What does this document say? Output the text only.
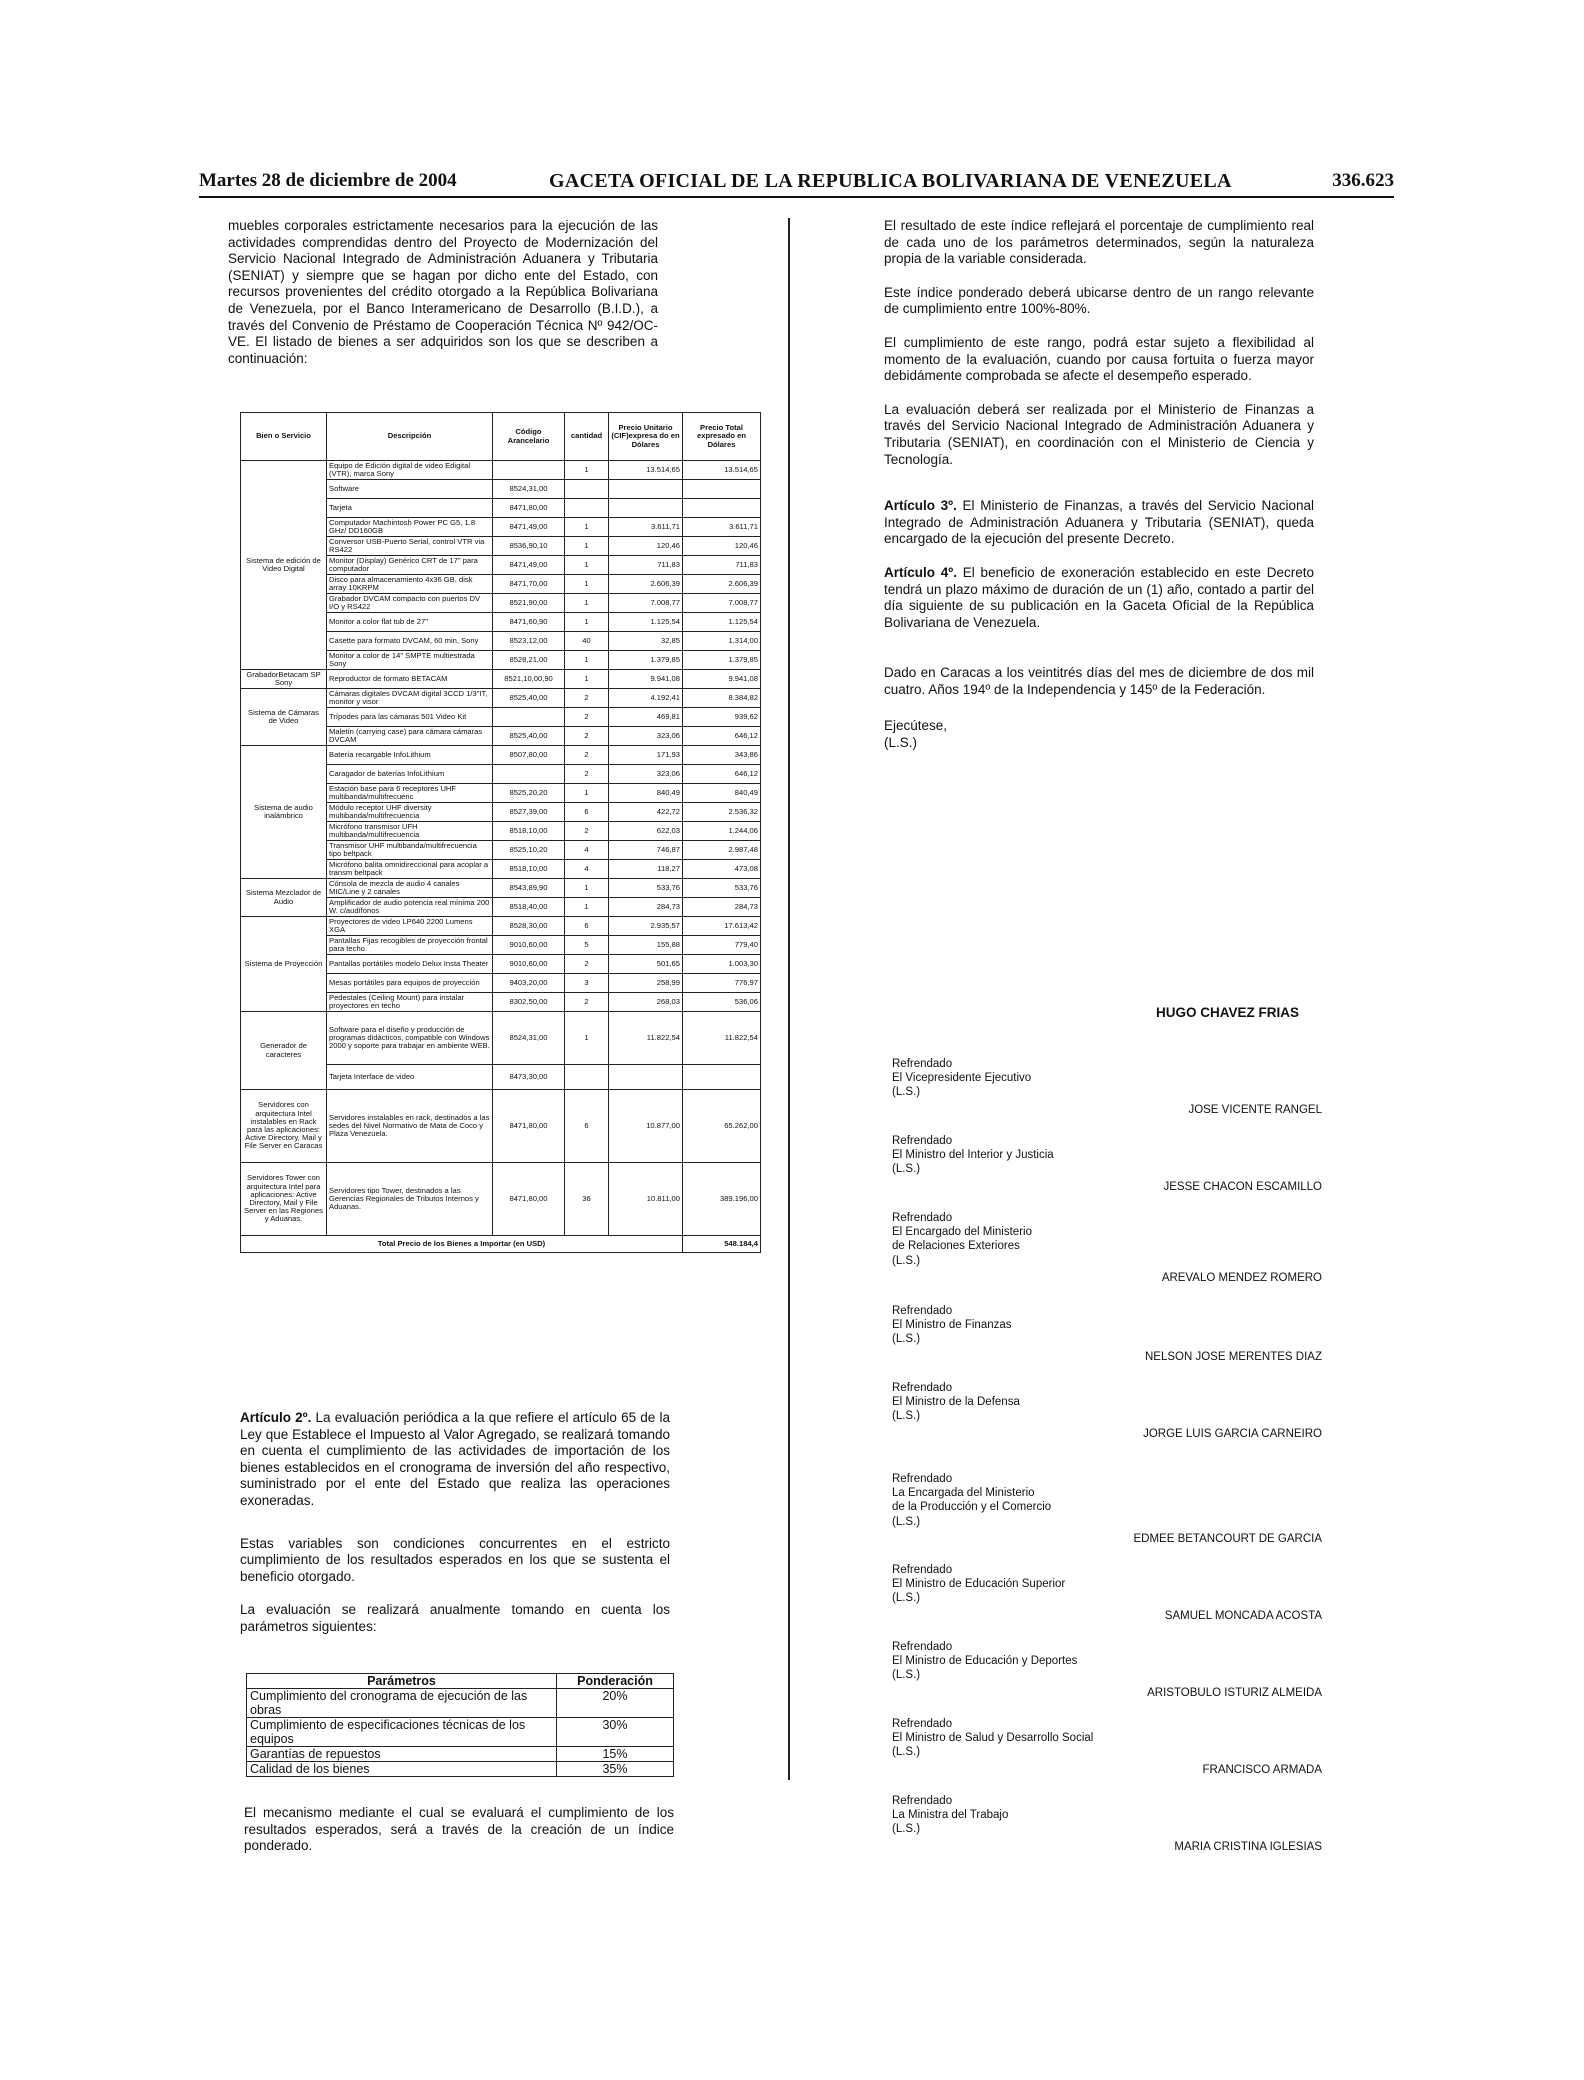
Martes 28 de diciembre de 2004	GACETA OFICIAL DE LA REPUBLICA BOLIVARIANA DE VENEZUELA	336.623

muebles corporales estrictamente necesarios para la ejecución de las actividades comprendidas dentro del Proyecto de Modernización del Servicio Nacional Integrado de Administración Aduanera y Tributaria (SENIAT) y siempre que se hagan por dicho ente del Estado, con recursos provenientes del crédito otorgado a la República Bolivariana de Venezuela, por el Banco Interamericano de Desarrollo (B.I.D.), a través del Convenio de Préstamo de Cooperación Técnica Nº 942/OC-VE. El listado de bienes a ser adquiridos son los que se describen a continuación:

Bien o Servicio	Descripción	Código Arancelario	cantidad	Precio Unitario (CIF)expresa do en Dólares	Precio Total expresado en Dólares
Sistema de edición de Video Digital	Equipo de Edición digital de video Edigital (VTR), marca Sony		1	13.514,65	13.514,65
	Software	8524,31,00			
	Tarjeta	8471,80,00			
	Computador Machintosh Power PC G5, 1.8 GHz/ DD160GB	8471,49,00	1	3.611,71	3.611,71
	Conversor USB-Puerto Serial, control VTR via RS422	8536,90,10	1	120,46	120,46
	Monitor (Display) Genérico CRT de 17" para computador	8471,49,00	1	711,83	711,83
	Disco para almacenamiento 4x36 GB, disk array 10KRPM	8471,70,00	1	2.606,39	2.606,39
	Grabador DVCAM compacto con puertos DV I/O y RS422	8521,90,00	1	7.008,77	7.008,77
	Monitor a color flat tub de 27"	8471,60,90	1	1.125,54	1.125,54
	Casette para formato DVCAM, 60 min, Sony	8523,12,00	40	32,85	1.314,00
	Monitor a color de 14" SMPTE multiestrada Sony	8528,21,00	1	1.379,85	1.379,85
GrabadorBetacam SP Sony	Reproductor de formato BETACAM	8521,10,00,90	1	9.941,08	9.941,08
Sistema de Cámaras de Video	Cámaras digitales DVCAM digital 3CCD 1/3"IT, monitor y visor	8525,40,00	2	4.192,41	8.384,82
	Trípodes para las cámaras 501 Video Kit		2	469,81	939,62
	Maletín (carrying case) para cámara cámaras DVCAM	8525,40,00	2	323,06	646,12
Sistema de audio inalámbrico	Batería recargable InfoLithium	8507,80,00	2	171,93	343,86
	Caragador de baterías InfoLithium		2	323,06	646,12
	Estación base para 6 receptores UHF multibanda/multifrecuenc	8525,20,20	1	840,49	840,49
	Módulo receptor UHF diversity multibanda/multifrecuencia	8527,39,00	6	422,72	2.536,32
	Micrófono transmisor UFH multibanda/multifrecuencia	8518,10,00	2	622,03	1.244,06
	Transmisor UHF multibanda/multifrecuencia tipo beltpack	8525,10,20	4	746,87	2.987,48
	Micrófono balita omnidireccional para acoplar a transm beltpack	8518,10,00	4	118,27	473,08
Sistema Mezclador de Audio	Cónsola de mezcla de audio 4 canales MIC/Line y 2 canales	8543,89,90	1	533,76	533,76
	Amplificador de audio potencia real mínima 200 W. c/audífonos	8518,40,00	1	284,73	284,73
Sistema de Proyección	Proyectores de video LP640 2200 Lumens XGA	8528,30,00	6	2.935,57	17.613,42
	Pantallas Fijas recogibles de proyección frontal para techo.	9010,60,00	5	155,88	779,40
	Pantallas portátiles modelo Delux Insta Theater	9010,60,00	2	501,65	1.003,30
	Mesas portátiles para equipos de proyección	9403,20,00	3	258,99	776,97
	Pedestales (Ceiling Mount) para instalar proyectores en techo	8302,50,00	2	268,03	536,06
Generador de caracteres	Software para el diseño y producción de programas didácticos, compatible con Windows 2000 y soporte para trabajar en ambiente WEB.	8524,31,00	1	11.822,54	11.822,54
	Tarjeta Interface de video	8473,30,00			
Servidores con arquitectura Intel instalables en Rack para las aplicaciones: Active Directory, Mail y File Server en Caracas	Servidores instalables en rack, destinados a las sedes del Nivel Normativo de Mata de Coco y Plaza Venezuela.	8471,80,00	6	10.877,00	65.262,00
Servidores Tower con arquitectura Intel para aplicaciones: Active Directory, Mail y File Server en las Regiones y Aduanas.	Servidores tipo Tower, destinados a las Gerencias Regionales de Tributos Internos y Aduanas.	8471,80,00	36	10.811,00	389.196,00
Total Precio de los Bienes a Importar (en USD)					548.184,4

Artículo 2º. La evaluación periódica a la que refiere el artículo 65 de la Ley que Establece el Impuesto al Valor Agregado, se realizará tomando en cuenta el cumplimiento de las actividades de importación de los bienes establecidos en el cronograma de inversión del año respectivo, suministrado por el ente del Estado que realiza las operaciones exoneradas.

Estas variables son condiciones concurrentes en el estricto cumplimiento de los resultados esperados en los que se sustenta el beneficio otorgado.

La evaluación se realizará anualmente tomando en cuenta los parámetros siguientes:

Parámetros	Ponderación
Cumplimiento del cronograma de ejecución de las obras	20%
Cumplimiento de especificaciones técnicas de los equipos	30%
Garantías de repuestos	15%
Calidad de los bienes	35%

El mecanismo mediante el cual se evaluará el cumplimiento de los resultados esperados, será a través de la creación de un índice ponderado.

El resultado de este índice reflejará el porcentaje de cumplimiento real de cada uno de los parámetros determinados, según la naturaleza propia de la variable considerada.

Este índice ponderado deberá ubicarse dentro de un rango relevante de cumplimiento entre 100%-80%.

El cumplimiento de este rango, podrá estar sujeto a flexibilidad al momento de la evaluación, cuando por causa fortuita o fuerza mayor debidámente comprobada se afecte el desempeño esperado.

La evaluación deberá ser realizada por el Ministerio de Finanzas a través del Servicio Nacional Integrado de Administración Aduanera y Tributaria (SENIAT), en coordinación con el Ministerio de Ciencia y Tecnología.

Artículo 3º. El Ministerio de Finanzas, a través del Servicio Nacional Integrado de Administración Aduanera y Tributaria (SENIAT), queda encargado de la ejecución del presente Decreto.

Artículo 4º. El beneficio de exoneración establecido en este Decreto tendrá un plazo máximo de duración de un (1) año, contado a partir del día siguiente de su publicación en la Gaceta Oficial de la República Bolivariana de Venezuela.

Dado en Caracas a los veintitrés días del mes de diciembre de dos mil cuatro. Años 194º de la Independencia y 145º de la Federación.

Ejecútese,

(L.S.)

HUGO CHAVEZ FRIAS
Refrendado
El Vicepresidente Ejecutivo
(L.S.)
JOSE VICENTE RANGEL
Refrendado
El Ministro del Interior y Justicia
(L.S.)
JESSE CHACON ESCAMILLO
Refrendado
El Encargado del Ministerio
de Relaciones Exteriores
(L.S.)
AREVALO MENDEZ ROMERO
Refrendado
El Ministro de Finanzas
(L.S.)
NELSON JOSE MERENTES DIAZ
Refrendado
El Ministro de la Defensa
(L.S.)
JORGE LUIS GARCIA CARNEIRO
Refrendado
La Encargada del Ministerio
de la Producción y el Comercio
(L.S.)
EDMEE BETANCOURT DE GARCIA
Refrendado
El Ministro de Educación Superior
(L.S.)
SAMUEL MONCADA ACOSTA
Refrendado
El Ministro de Educación y Deportes
(L.S.)
ARISTOBULO ISTURIZ ALMEIDA
Refrendado
El Ministro de Salud y Desarrollo Social
(L.S.)
FRANCISCO ARMADA
Refrendado
La Ministra del Trabajo
(L.S.)
MARIA CRISTINA IGLESIAS
